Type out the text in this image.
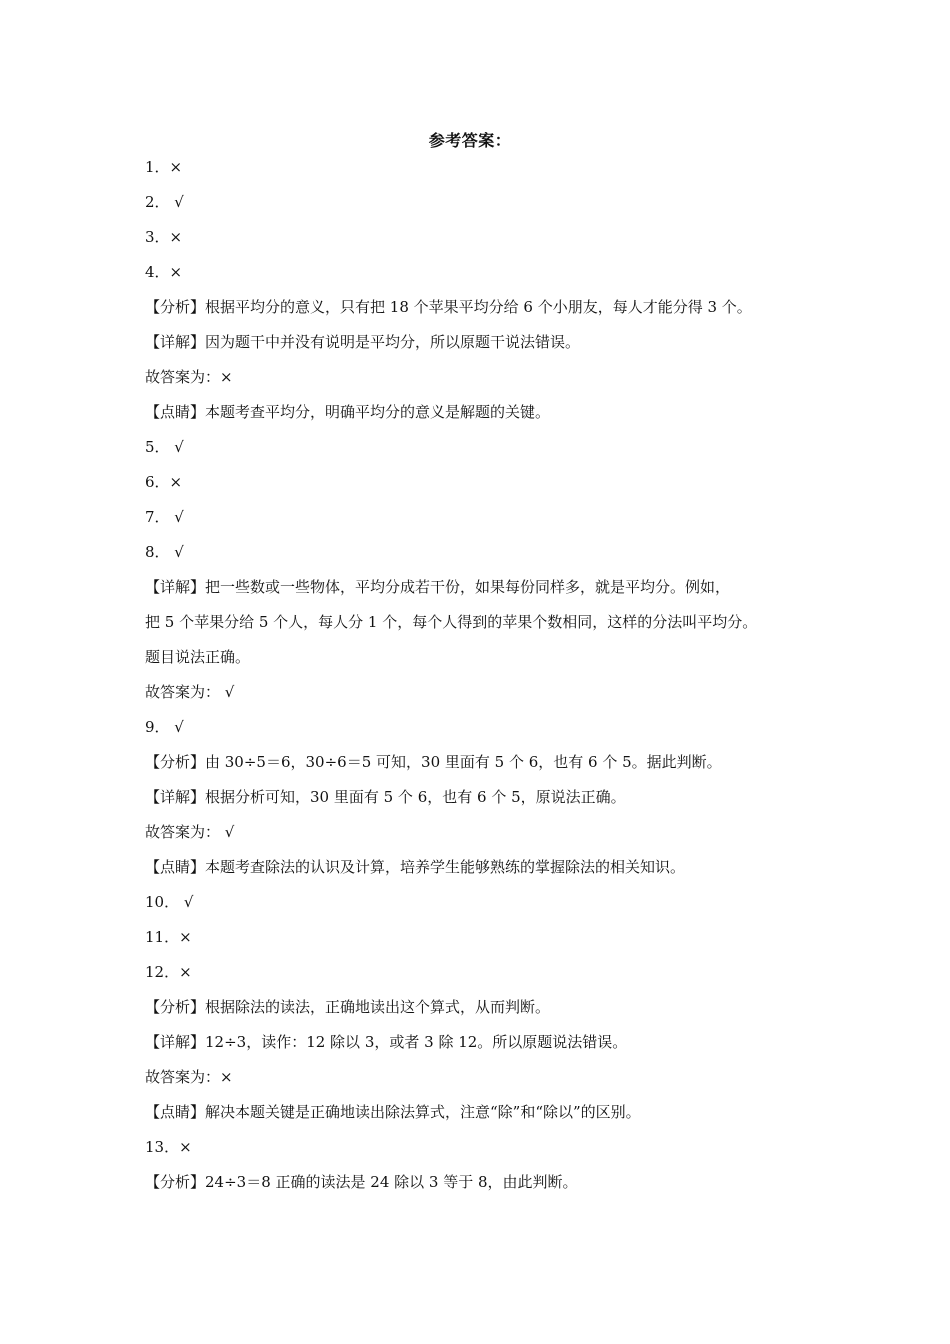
参考答案：
1．×
2． √
3．×
4．×
【分析】根据平均分的意义，只有把 18 个苹果平均分给 6 个小朋友，每人才能分得 3 个。
【详解】因为题干中并没有说明是平均分，所以原题干说法错误。
故答案为：×
【点睛】本题考查平均分，明确平均分的意义是解题的关键。
5． √
6．×
7． √
8． √
【详解】把一些数或一些物体，平均分成若干份，如果每份同样多，就是平均分。例如，
把 5 个苹果分给 5 个人，每人分 1 个，每个人得到的苹果个数相同，这样的分法叫平均分。
题目说法正确。
故答案为： √
9． √
【分析】由 30÷5＝6，30÷6＝5 可知，30 里面有 5 个 6，也有 6 个 5。据此判断。
【详解】根据分析可知，30 里面有 5 个 6，也有 6 个 5，原说法正确。
故答案为： √
【点睛】本题考查除法的认识及计算，培养学生能够熟练的掌握除法的相关知识。
10． √
11．×
12．×
【分析】根据除法的读法，正确地读出这个算式，从而判断。
【详解】12÷3，读作：12 除以 3，或者 3 除 12。所以原题说法错误。
故答案为：×
【点睛】解决本题关键是正确地读出除法算式，注意“除”和“除以”的区别。
13．×
【分析】24÷3＝8 正确的读法是 24 除以 3 等于 8，由此判断。
